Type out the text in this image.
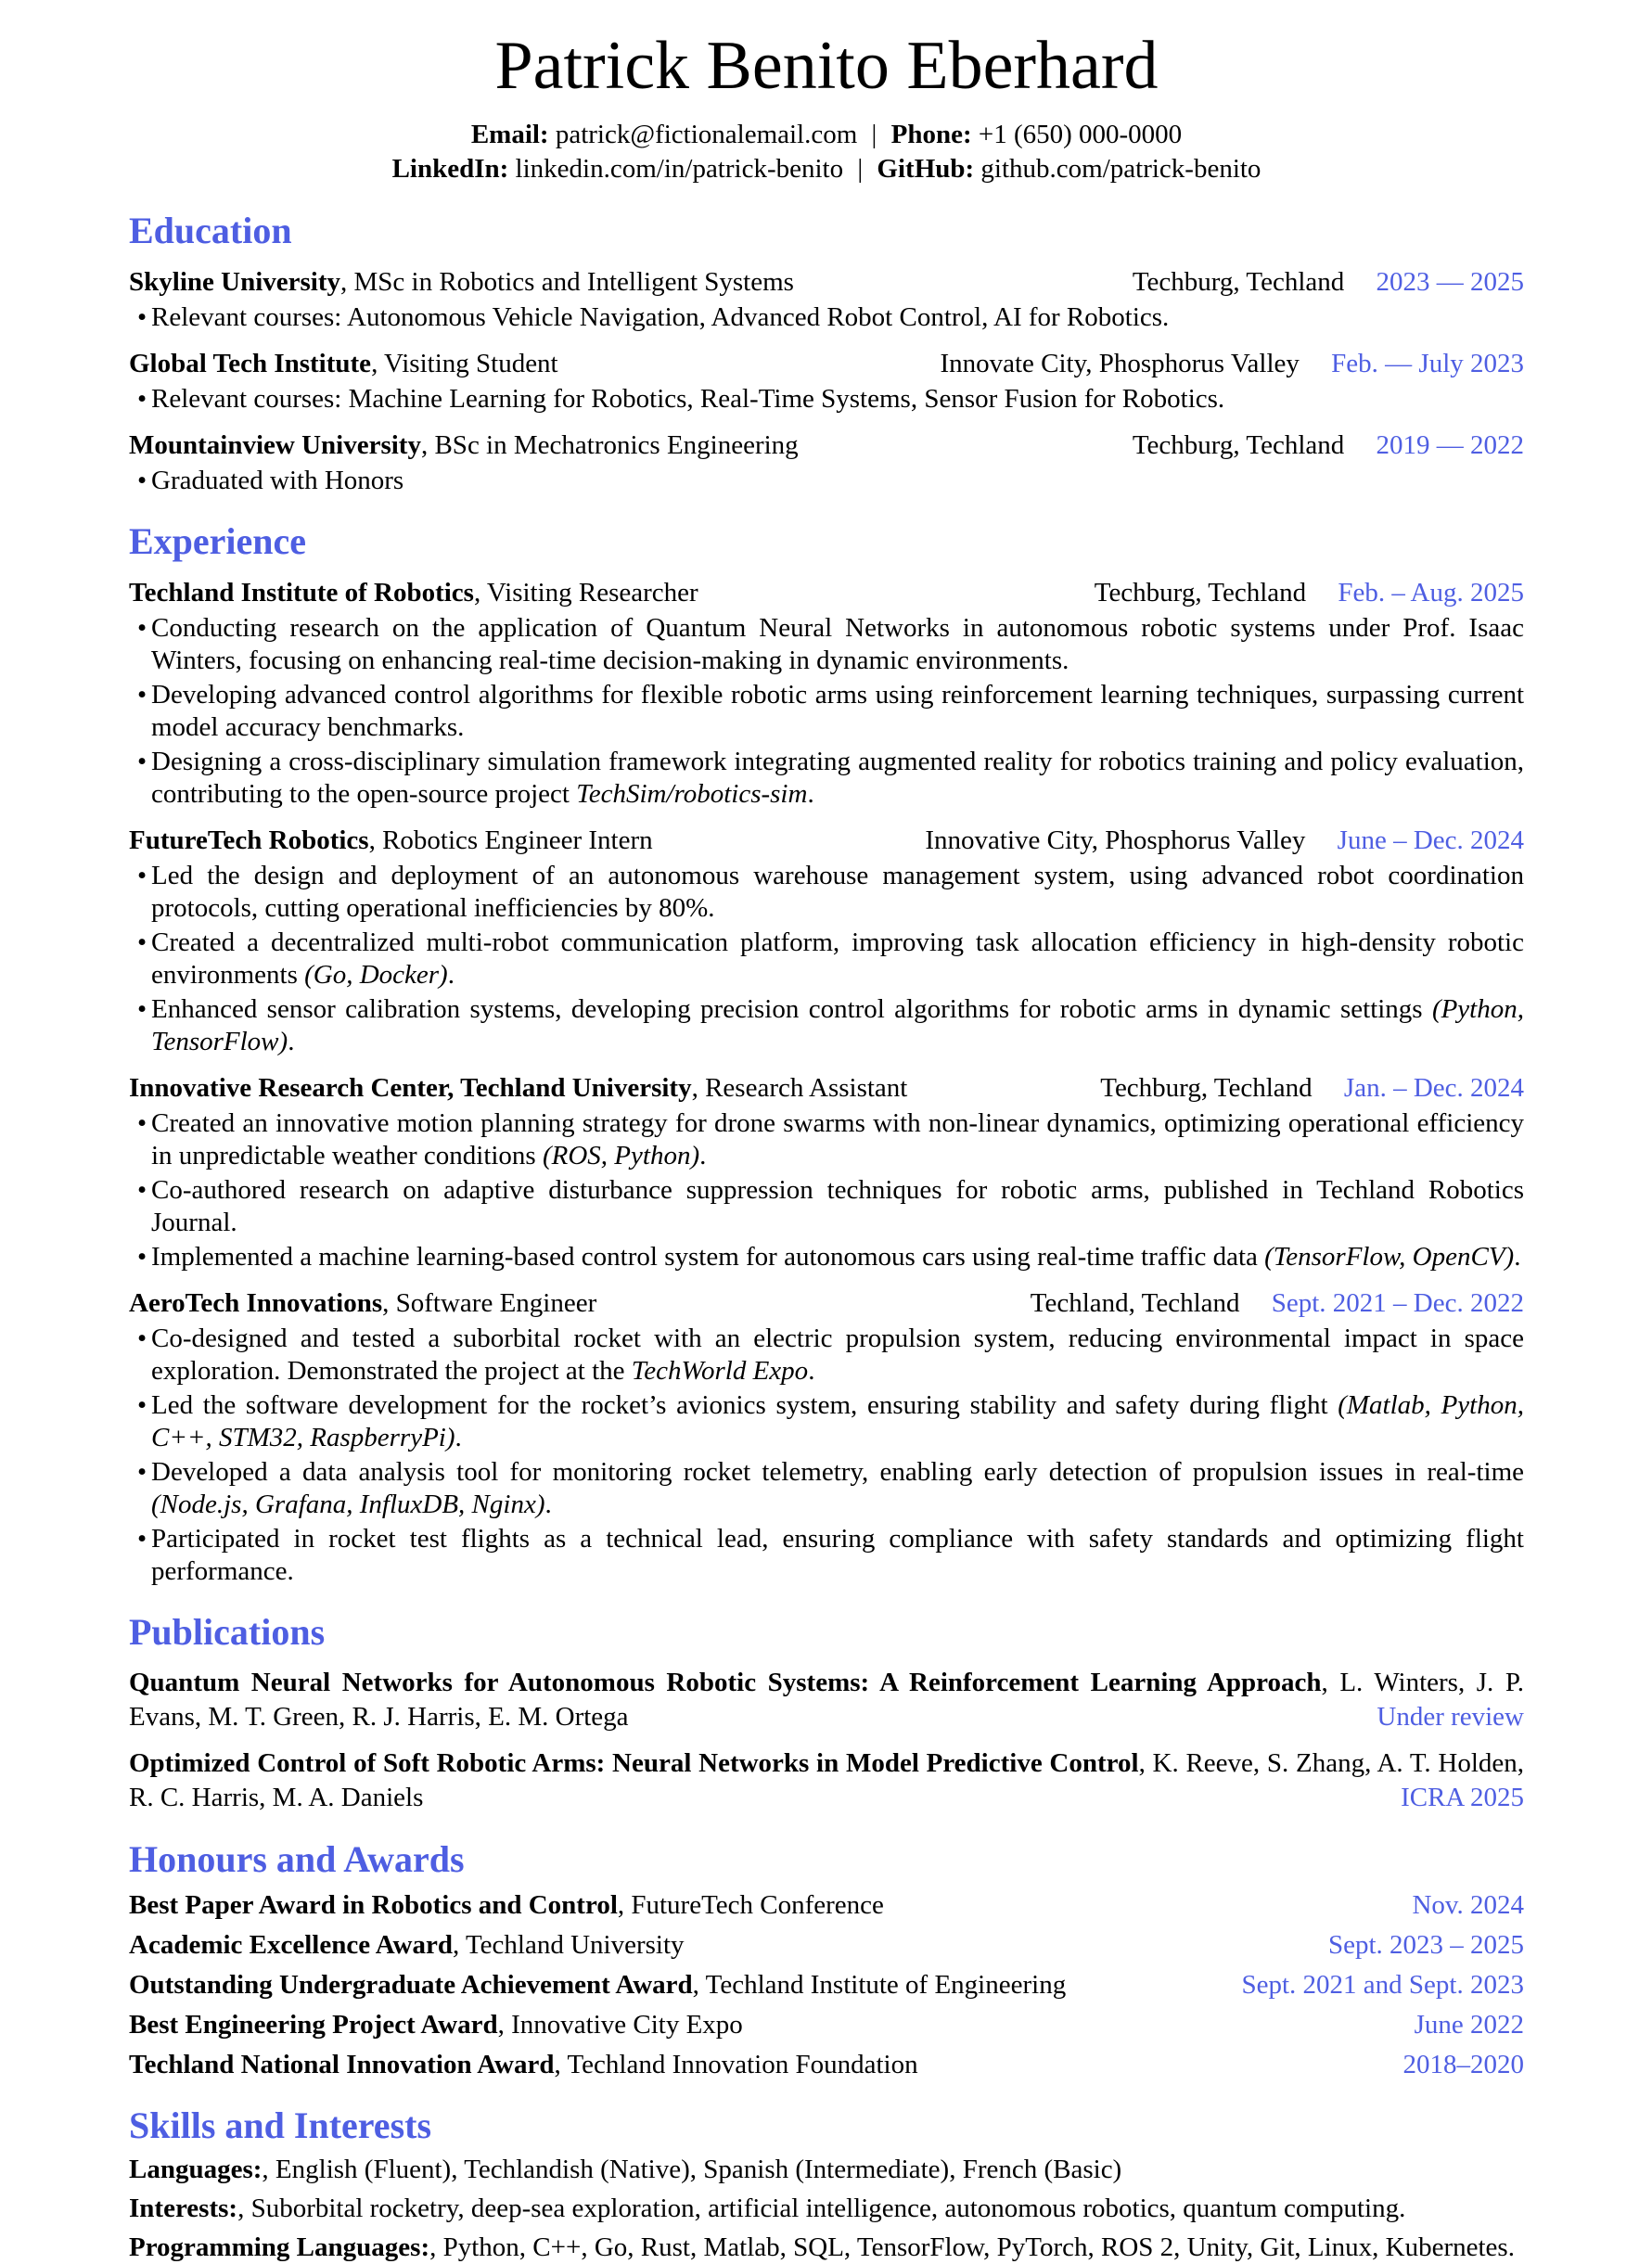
Patrick Benito Eberhard
Email: patrick@fictionalemail.com | Phone: +1 (650) 000-0000
LinkedIn: linkedin.com/in/patrick-benito | GitHub: github.com/patrick-benito
Education
Skyline University, MSc in Robotics and Intelligent Systems	Techburg, Techland 2023 — 2025
• Relevant courses: Autonomous Vehicle Navigation, Advanced Robot Control, AI for Robotics.
Global Tech Institute, Visiting Student	Innovate City, Phosphorus Valley Feb. — July 2023
• Relevant courses: Machine Learning for Robotics, Real-Time Systems, Sensor Fusion for Robotics.
Mountainview University, BSc in Mechatronics Engineering	Techburg, Techland 2019 — 2022
• Graduated with Honors
Experience
Techland Institute of Robotics, Visiting Researcher	Techburg, Techland Feb. – Aug. 2025
• Conducting research on the application of Quantum Neural Networks in autonomous robotic systems under Prof. Isaac Winters, focusing on enhancing real-time decision-making in dynamic environments.
• Developing advanced control algorithms for flexible robotic arms using reinforcement learning techniques, surpassing current model accuracy benchmarks.
• Designing a cross-disciplinary simulation framework integrating augmented reality for robotics training and policy evaluation, contributing to the open-source project TechSim/robotics-sim.
FutureTech Robotics, Robotics Engineer Intern	Innovative City, Phosphorus Valley June – Dec. 2024
• Led the design and deployment of an autonomous warehouse management system, using advanced robot coordination protocols, cutting operational inefficiencies by 80%.
• Created a decentralized multi-robot communication platform, improving task allocation efficiency in high-density robotic environments (Go, Docker).
• Enhanced sensor calibration systems, developing precision control algorithms for robotic arms in dynamic settings (Python, TensorFlow).
Innovative Research Center, Techland University, Research Assistant	Techburg, Techland Jan. – Dec. 2024
• Created an innovative motion planning strategy for drone swarms with non-linear dynamics, optimizing operational efficiency in unpredictable weather conditions (ROS, Python).
• Co-authored research on adaptive disturbance suppression techniques for robotic arms, published in Techland Robotics Journal.
• Implemented a machine learning-based control system for autonomous cars using real-time traffic data (TensorFlow, OpenCV).
AeroTech Innovations, Software Engineer	Techland, Techland Sept. 2021 – Dec. 2022
• Co-designed and tested a suborbital rocket with an electric propulsion system, reducing environmental impact in space exploration. Demonstrated the project at the TechWorld Expo.
• Led the software development for the rocket’s avionics system, ensuring stability and safety during flight (Matlab, Python, C++, STM32, RaspberryPi).
• Developed a data analysis tool for monitoring rocket telemetry, enabling early detection of propulsion issues in real-time (Node.js, Grafana, InfluxDB, Nginx).
• Participated in rocket test flights as a technical lead, ensuring compliance with safety standards and optimizing flight performance.
Publications
Quantum Neural Networks for Autonomous Robotic Systems: A Reinforcement Learning Approach, L. Winters, J. P. Evans, M. T. Green, R. J. Harris, E. M. Ortega	Under review
Optimized Control of Soft Robotic Arms: Neural Networks in Model Predictive Control, K. Reeve, S. Zhang, A. T. Holden, R. C. Harris, M. A. Daniels	ICRA 2025
Honours and Awards
Best Paper Award in Robotics and Control, FutureTech Conference	Nov. 2024
Academic Excellence Award, Techland University	Sept. 2023 – 2025
Outstanding Undergraduate Achievement Award, Techland Institute of Engineering	Sept. 2021 and Sept. 2023
Best Engineering Project Award, Innovative City Expo	June 2022
Techland National Innovation Award, Techland Innovation Foundation	2018–2020
Skills and Interests
Languages:, English (Fluent), Techlandish (Native), Spanish (Intermediate), French (Basic)
Interests:, Suborbital rocketry, deep-sea exploration, artificial intelligence, autonomous robotics, quantum computing.
Programming Languages:, Python, C++, Go, Rust, Matlab, SQL, TensorFlow, PyTorch, ROS 2, Unity, Git, Linux, Kubernetes.
